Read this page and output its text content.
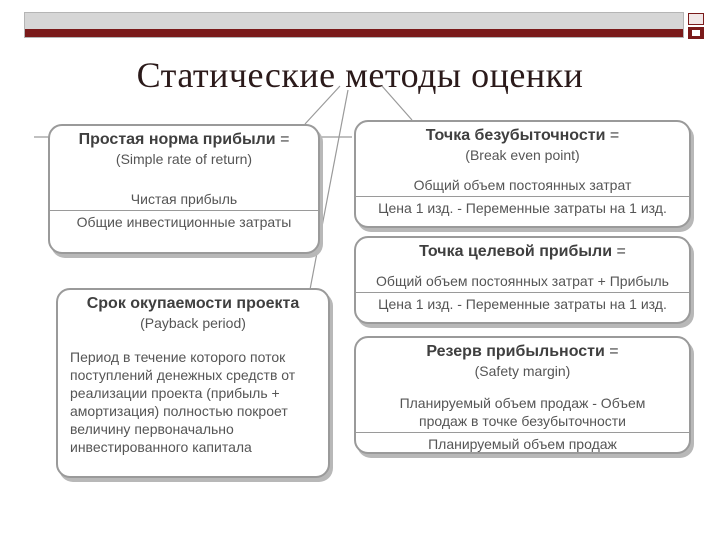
Статические методы оценки
Простая норма прибыли =
(Simple rate of return)
Чистая прибыль
Общие инвестиционные затраты
Точка безубыточности =
(Break even point)
Общий объем постоянных затрат
Цена 1 изд. - Переменные затраты на 1 изд.
Точка целевой прибыли =
Общий объем постоянных затрат + Прибыль
Цена 1 изд. - Переменные затраты на 1 изд.
Резерв прибыльности =
(Safety margin)
Планируемый объем продаж - Объем
продаж в точке безубыточности
Планируемый объем продаж
Срок окупаемости проекта
(Payback period)
Период в течение которого поток
поступлений денежных средств от
реализации проекта (прибыль +
амортизация) полностью покроет
величину первоначально
инвестированного капитала
